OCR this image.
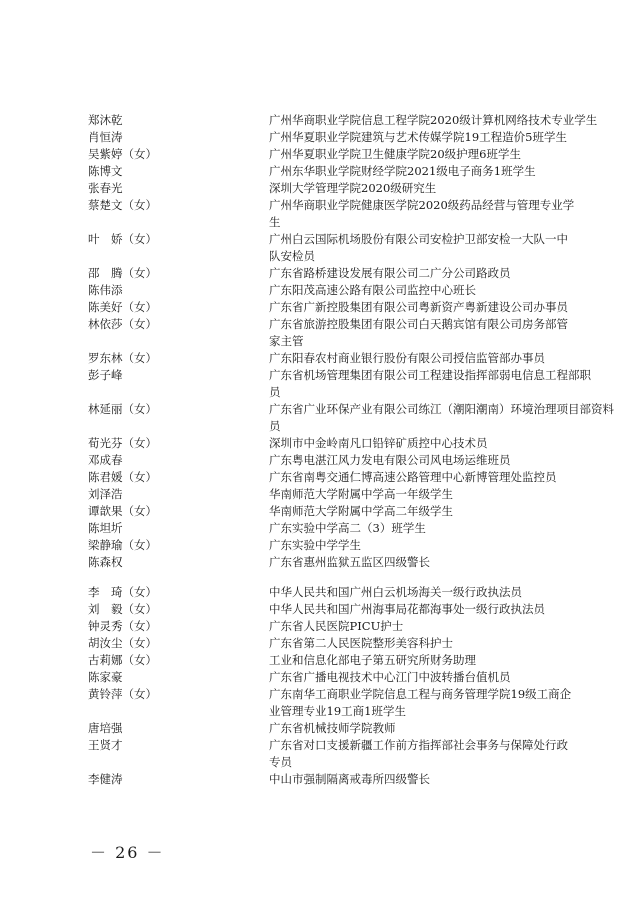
郑沐乾	广州华商职业学院信息工程学院2020级计算机网络技术专业学生
肖恒涛	广州华夏职业学院建筑与艺术传媒学院19工程造价5班学生
吴紫婷（女）	广州华夏职业学院卫生健康学院20级护理6班学生
陈博文	广州东华职业学院财经学院2021级电子商务1班学生
张春光	深圳大学管理学院2020级研究生
蔡楚文（女）	广州华商职业学院健康医学院2020级药品经营与管理专业学
生
叶　娇（女）	广州白云国际机场股份有限公司安检护卫部安检一大队一中
队安检员
邵　腾（女）	广东省路桥建设发展有限公司二广分公司路政员
陈伟添	广东阳茂高速公路有限公司监控中心班长
陈美好（女）	广东省广新控股集团有限公司粤新资产粤新建设公司办事员
林依莎（女）	广东省旅游控股集团有限公司白天鹅宾馆有限公司房务部管
家主管
罗东林（女）	广东阳春农村商业银行股份有限公司授信监管部办事员
彭子峰	广东省机场管理集团有限公司工程建设指挥部弱电信息工程部职
员
林延丽（女）	广东省广业环保产业有限公司练江（潮阳潮南）环境治理项目部资料
员
荀光芬（女）	深圳市中金岭南凡口铅锌矿质控中心技术员
邓成春	广东粤电湛江风力发电有限公司风电场运维班员
陈君媛（女）	广东省南粤交通仁博高速公路管理中心新博管理处监控员
刘泽浩	华南师范大学附属中学高一年级学生
谭歆果（女）	华南师范大学附属中学高二年级学生
陈坦圻	广东实验中学高二（3）班学生
梁静瑜（女）	广东实验中学学生
陈森权	广东省惠州监狱五监区四级警长
李　琦（女）	中华人民共和国广州白云机场海关一级行政执法员
刘　毅（女）	中华人民共和国广州海事局花都海事处一级行政执法员
钟灵秀（女）	广东省人民医院PICU护士
胡汝尘（女）	广东省第二人民医院整形美容科护士
古莉娜（女）	工业和信息化部电子第五研究所财务助理
陈家豪	广东省广播电视技术中心江门中波转播台值机员
黄铃萍（女）	广东南华工商职业学院信息工程与商务管理学院19级工商企
业管理专业19工商1班学生
唐培强	广东省机械技师学院教师
王贤才	广东省对口支援新疆工作前方指挥部社会事务与保障处行政
专员
李健涛	中山市强制隔离戒毒所四级警长
－ 26 －
